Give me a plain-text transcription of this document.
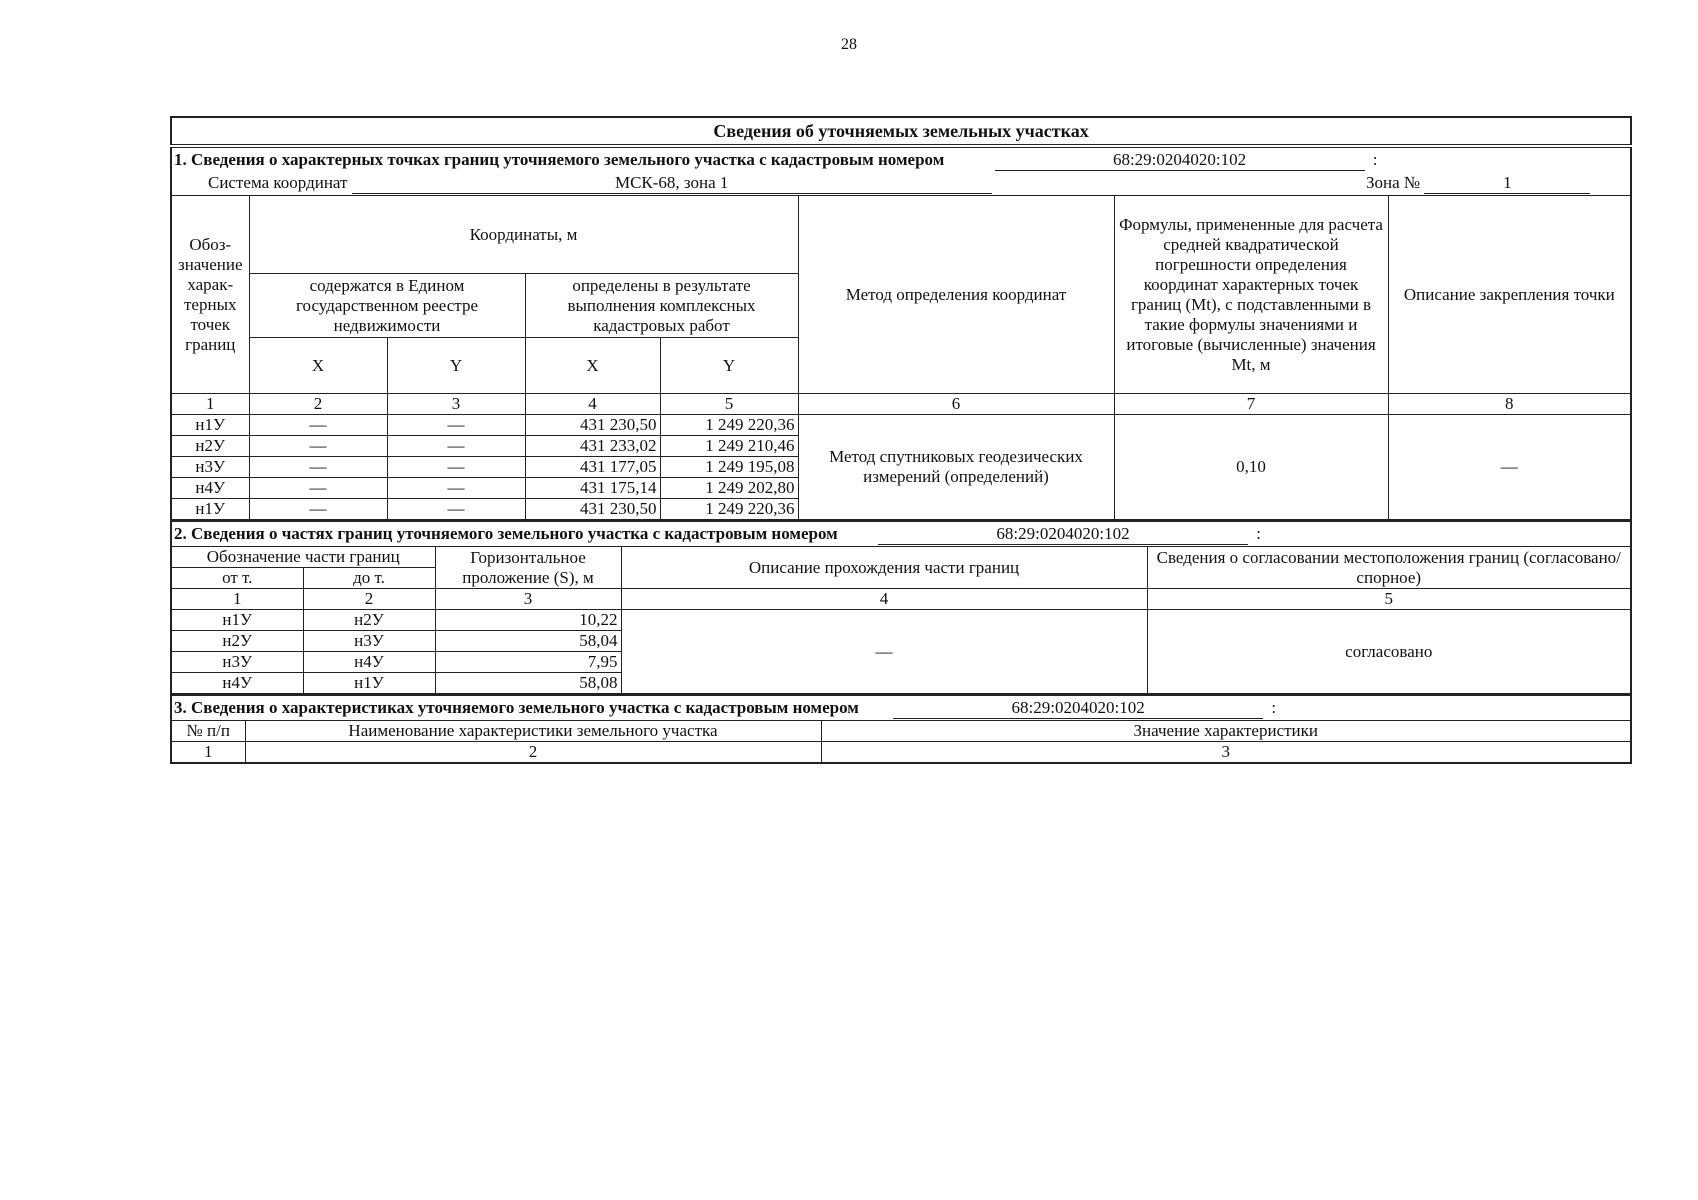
28
Сведения об уточняемых земельных участках							
1. Сведения о характерных точках границ уточняемого земельного участка с кадастровым номером 68:29:0204020:102 :							
Система координат МСК-68, зона 1 Зона № 1							
Обоз-значение харак-терных точек границ	Координаты, м				Метод определения координат	Формулы, примененные для расчета средней квадратической погрешности определения координат характерных точек границ (Mt), с подставленными в такие формулы значениями и итоговые (вычисленные) значения Mt, м	Описание закрепления точки
	содержатся в Едином государственном реестре недвижимости		определены в результате выполнения комплексных кадастровых работ				
	X	Y	X	Y			
1	2	3	4	5	6	7	8
н1У	—	—	431 230,50	1 249 220,36	Метод спутниковых геодезических измерений (определений)	0,10	—
н2У	—	—	431 233,02	1 249 210,46			
н3У	—	—	431 177,05	1 249 195,08			
н4У	—	—	431 175,14	1 249 202,80			
н1У	—	—	431 230,50	1 249 220,36			
2. Сведения о частях границ уточняемого земельного участка с кадастровым номером 68:29:0204020:102 :				
Обозначение части границ		Горизонтальное проложение (S), м	Описание прохождения части границ	Сведения о согласовании местоположения границ (согласовано/спорное)
от т.	до т.			
1	2	3	4	5
н1У	н2У	10,22	—	согласовано
н2У	н3У	58,04		
н3У	н4У	7,95		
н4У	н1У	58,08		
3. Сведения о характеристиках уточняемого земельного участка с кадастровым номером 68:29:0204020:102 :		
№ п/п	Наименование характеристики земельного участка	Значение характеристики
1	2	3
